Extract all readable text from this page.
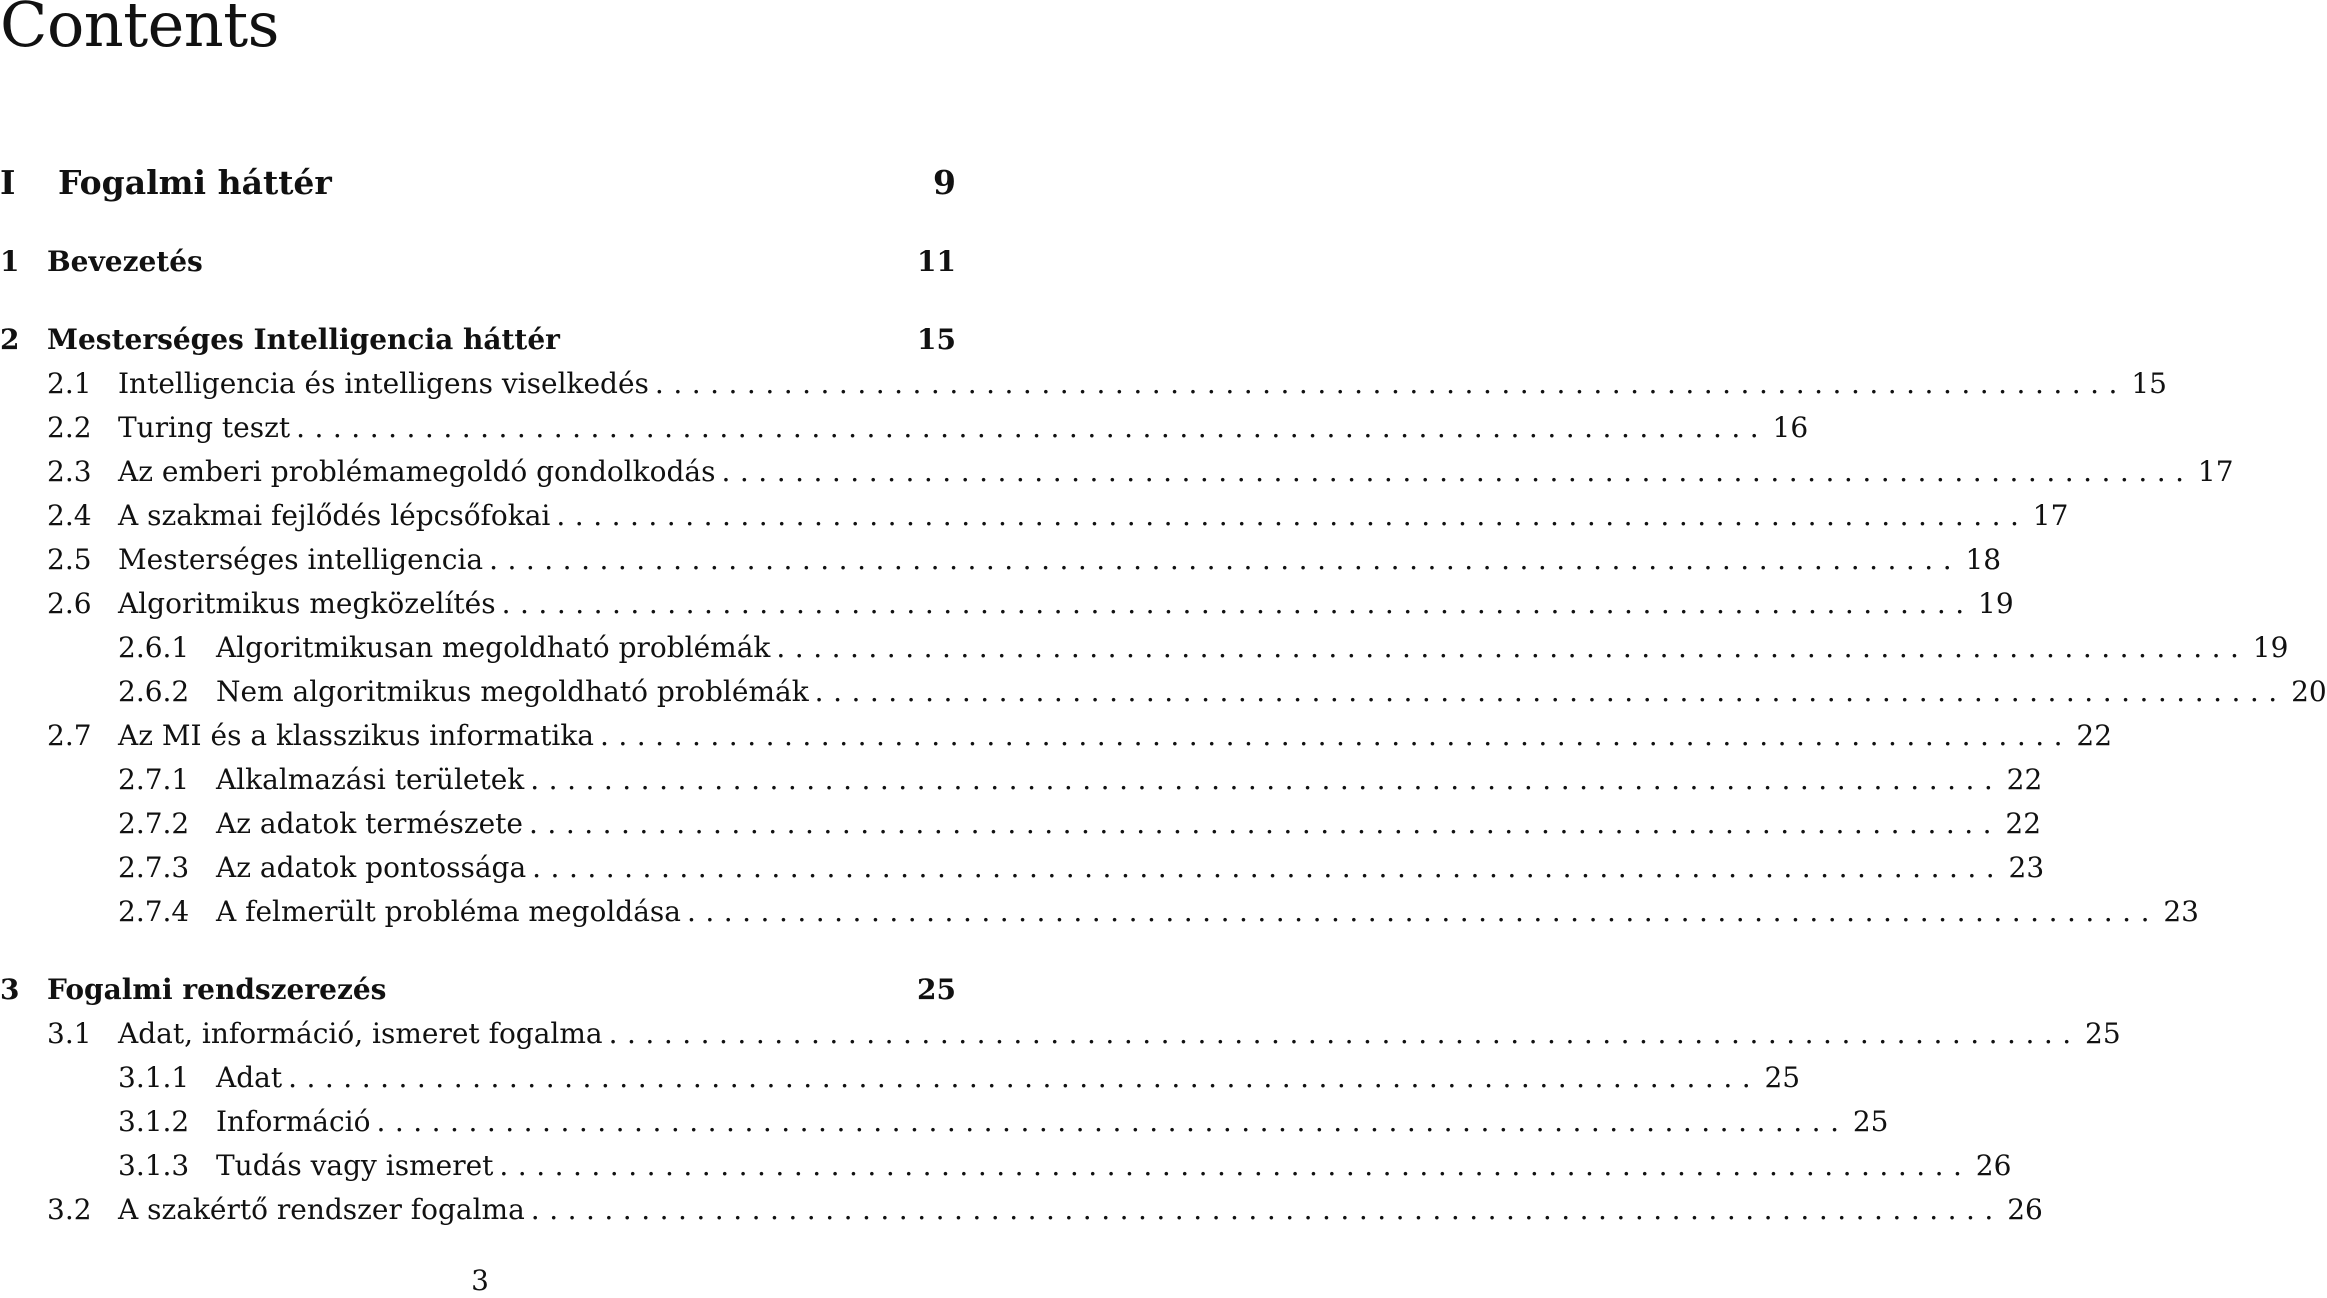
Contents
I	Fogalmi háttér	9
1 Bevezetés	11
2 Mesterséges Intelligencia háttér	15
2.1 Intelligencia és intelligens viselkedés ................................................................................ 15
2.2 Turing teszt ................................................................................ 16
2.3 Az emberi problémamegoldó gondolkodás ................................................................................ 17
2.4 A szakmai fejlődés lépcsőfokai ................................................................................ 17
2.5 Mesterséges intelligencia ................................................................................ 18
2.6 Algoritmikus megközelítés ................................................................................ 19
2.6.1 Algoritmikusan megoldható problémák ................................................................................ 19
2.6.2 Nem algoritmikus megoldható problémák ................................................................................ 20
2.7 Az MI és a klasszikus informatika ................................................................................ 22
2.7.1 Alkalmazási területek ................................................................................ 22
2.7.2 Az adatok természete ................................................................................ 22
2.7.3 Az adatok pontossága ................................................................................ 23
2.7.4 A felmerült probléma megoldása ................................................................................ 23
3 Fogalmi rendszerezés	25
3.1 Adat, információ, ismeret fogalma ................................................................................ 25
3.1.1 Adat ................................................................................ 25
3.1.2 Információ ................................................................................ 25
3.1.3 Tudás vagy ismeret ................................................................................ 26
3.2 A szakértő rendszer fogalma ................................................................................ 26
3
